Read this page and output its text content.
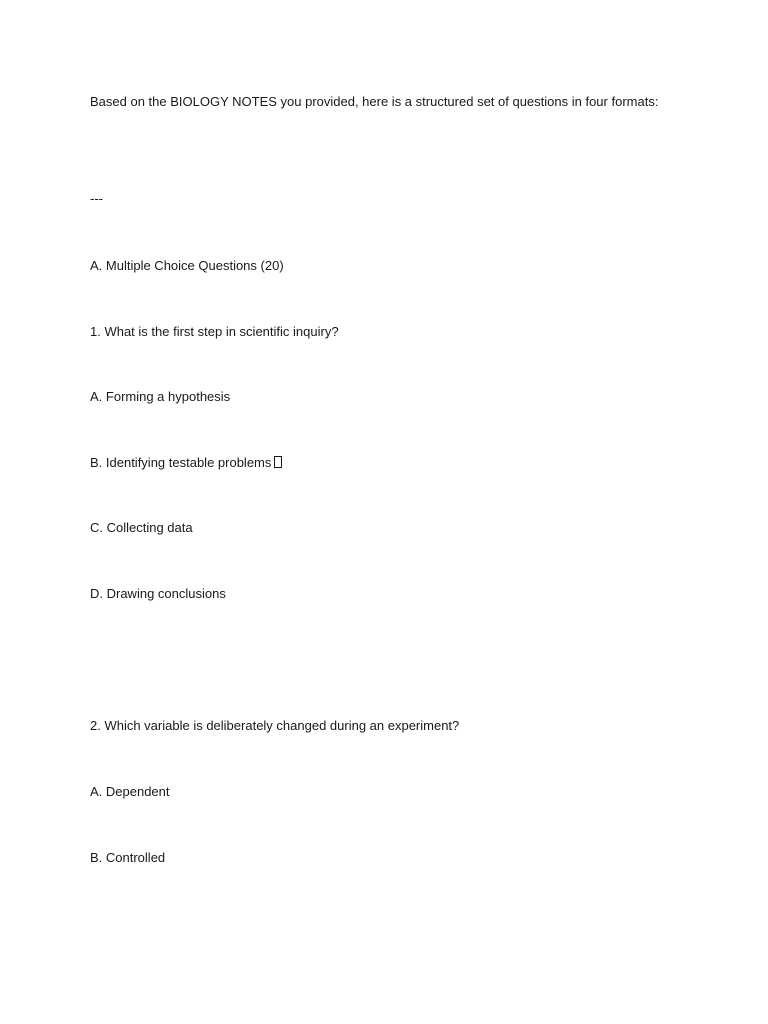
Based on the BIOLOGY NOTES you provided, here is a structured set of questions in four formats:
---
A. Multiple Choice Questions (20)
1. What is the first step in scientific inquiry?
A. Forming a hypothesis
B. Identifying testable problems
C. Collecting data
D. Drawing conclusions
2. Which variable is deliberately changed during an experiment?
A. Dependent
B. Controlled
